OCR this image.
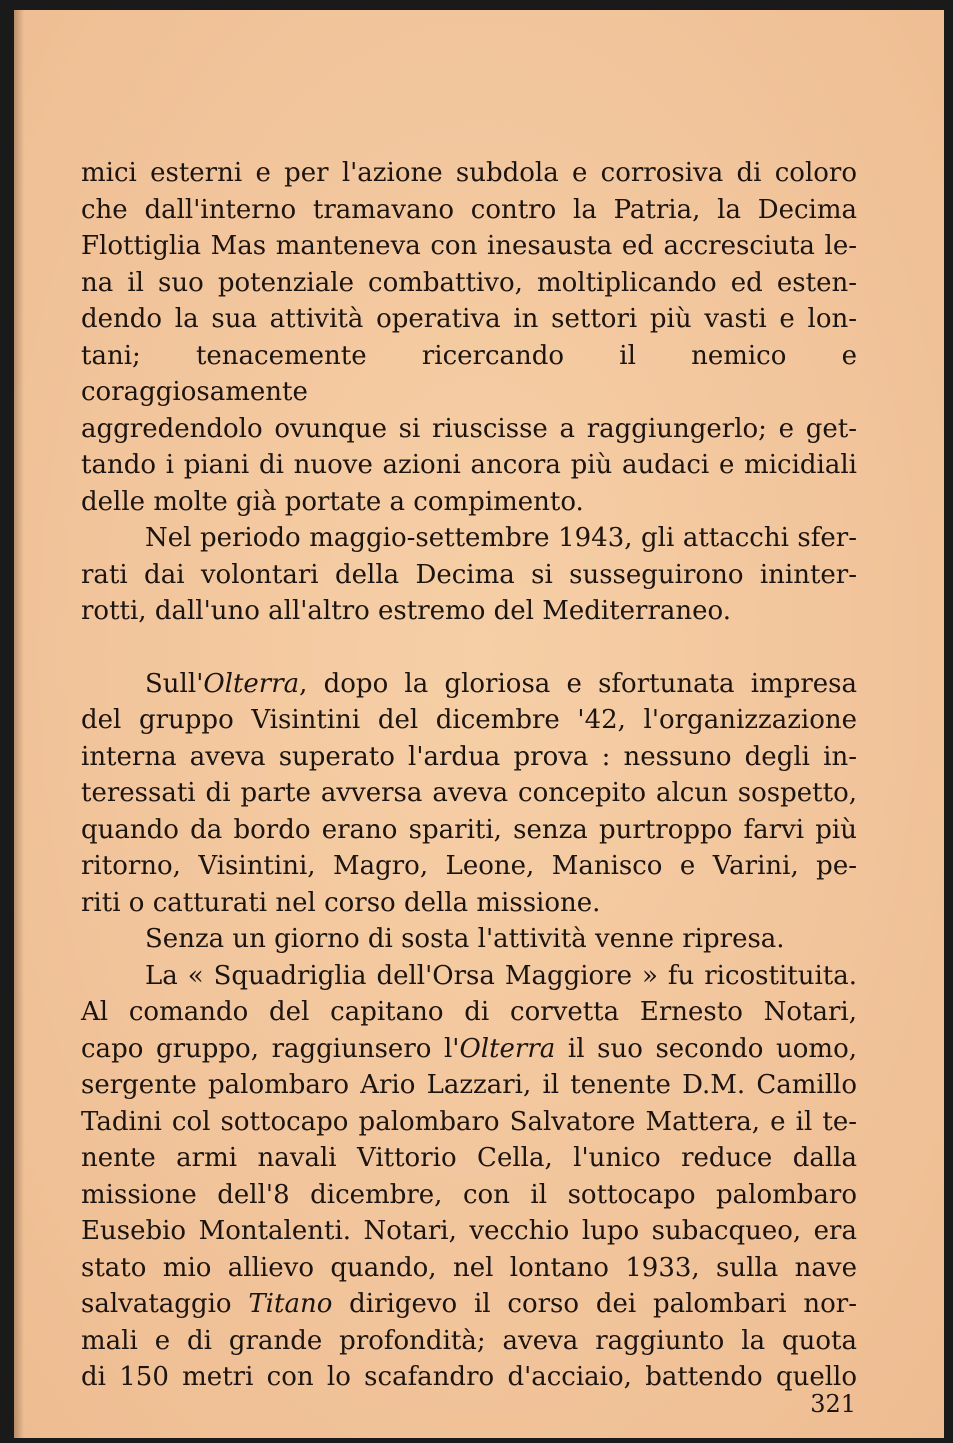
mici esterni e per l'azione subdola e corrosiva di coloro

che dall'interno tramavano contro la Patria, la Decima

Flottiglia Mas manteneva con inesausta ed accresciuta le-

na il suo potenziale combattivo, moltiplicando ed esten-

dendo la sua attività operativa in settori più vasti e lon-

tani; tenacemente ricercando il nemico e coraggiosamente

aggredendolo ovunque si riuscisse a raggiungerlo; e get-

tando i piani di nuove azioni ancora più audaci e micidiali

delle molte già portate a compimento.

Nel periodo maggio-settembre 1943, gli attacchi sfer-

rati dai volontari della Decima si susseguirono ininter-

rotti, dall'uno all'altro estremo del Mediterraneo.

Sull'Olterra, dopo la gloriosa e sfortunata impresa

del gruppo Visintini del dicembre '42, l'organizzazione

interna aveva superato l'ardua prova : nessuno degli in-

teressati di parte avversa aveva concepito alcun sospetto,

quando da bordo erano spariti, senza purtroppo farvi più

ritorno, Visintini, Magro, Leone, Manisco e Varini, pe-

riti o catturati nel corso della missione.

Senza un giorno di sosta l'attività venne ripresa.

La « Squadriglia dell'Orsa Maggiore » fu ricostituita.

Al comando del capitano di corvetta Ernesto Notari,

capo gruppo, raggiunsero l'Olterra il suo secondo uomo,

sergente palombaro Ario Lazzari, il tenente D.M. Camillo

Tadini col sottocapo palombaro Salvatore Mattera, e il te-

nente armi navali Vittorio Cella, l'unico reduce dalla

missione dell'8 dicembre, con il sottocapo palombaro

Eusebio Montalenti. Notari, vecchio lupo subacqueo, era

stato mio allievo quando, nel lontano 1933, sulla nave

salvataggio Titano dirigevo il corso dei palombari nor-

mali e di grande profondità; aveva raggiunto la quota

di 150 metri con lo scafandro d'acciaio, battendo quello

321
